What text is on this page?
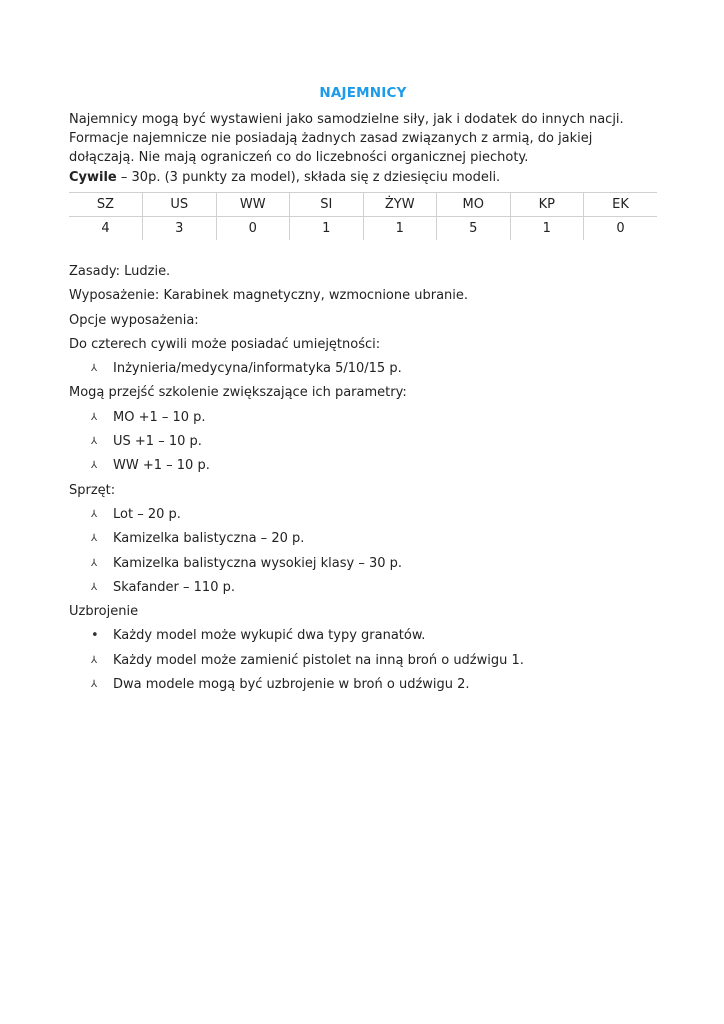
NAJEMNICY
Najemnicy mogą być wystawieni jako samodzielne siły, jak i dodatek do innych nacji. Formacje najemnicze nie posiadają żadnych zasad związanych z armią, do jakiej dołączają. Nie mają ograniczeń co do liczebności organicznej piechoty.
Cywile – 30p. (3 punkty za model), składa się z dziesięciu modeli.
SZ	US	WW	SI	ŻYW	MO	KP	EK
4	3	0	1	1	5	1	0
Zasady: Ludzie.
Wyposażenie: Karabinek magnetyczny, wzmocnione ubranie.
Opcje wyposażenia:
Do czterech cywili może posiadać umiejętności:
⅄	Inżynieria/medycyna/informatyka 5/10/15 p.
Mogą przejść szkolenie zwiększające ich parametry:
⅄	MO +1 – 10 p.
⅄	US +1 – 10 p.
⅄	WW +1 – 10 p.
Sprzęt:
⅄	Lot – 20 p.
⅄	Kamizelka balistyczna – 20 p.
⅄	Kamizelka balistyczna wysokiej klasy – 30 p.
⅄	Skafander – 110 p.
Uzbrojenie
•	Każdy model może wykupić dwa typy granatów.
⅄	Każdy model może zamienić pistolet na inną broń o udźwigu 1.
⅄	Dwa modele mogą być uzbrojenie w broń o udźwigu 2.
